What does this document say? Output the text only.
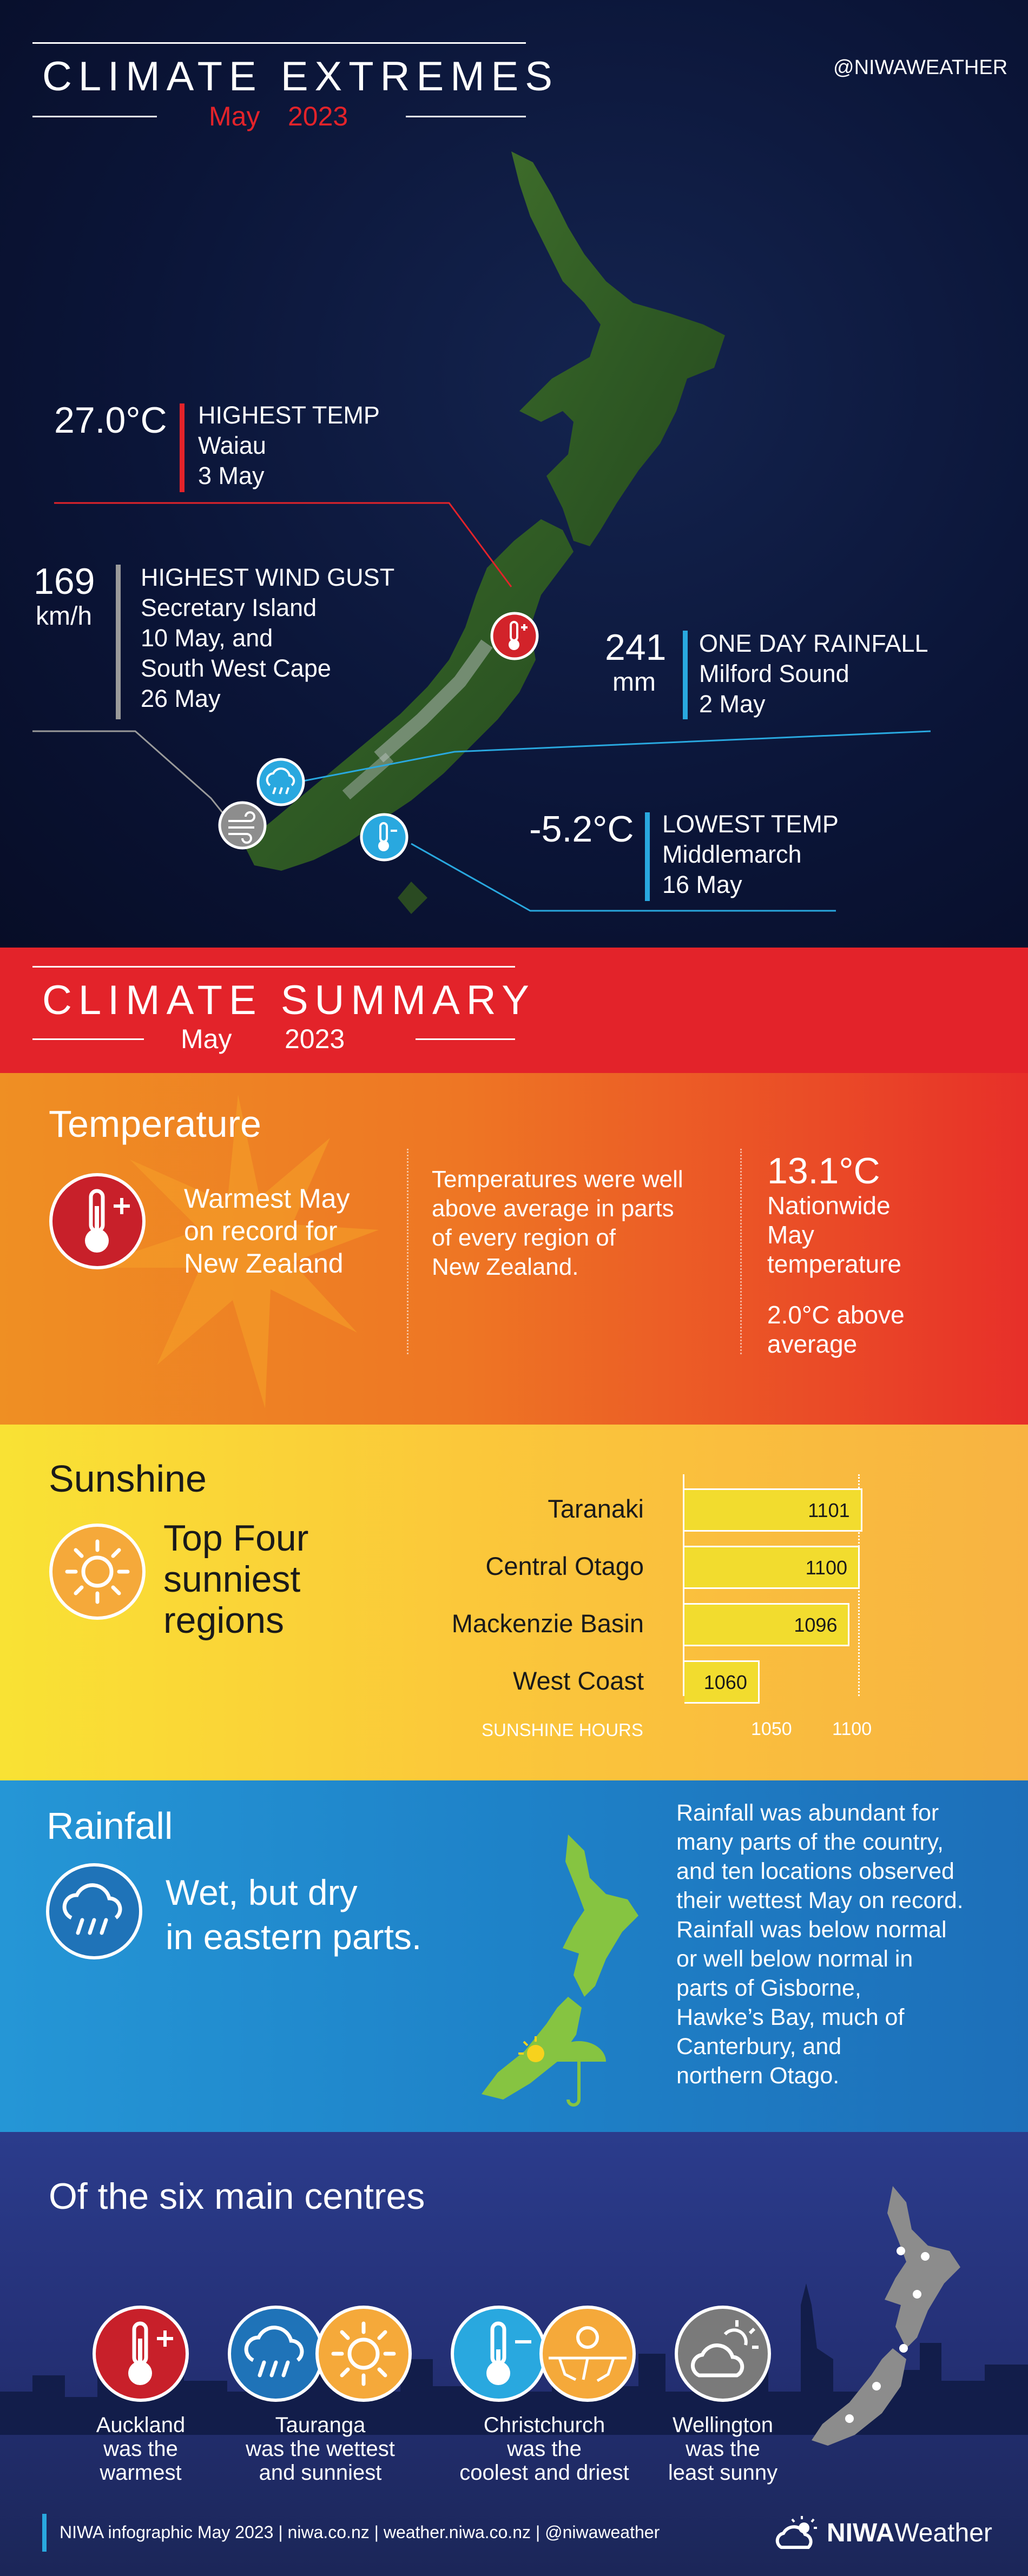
CLIMATE EXTREMES
May 2023
@NIWAWEATHER
27.0°C HIGHEST TEMP
Waiau
3 May
169
km/h
HIGHEST WIND GUST
Secretary Island
10 May, and
South West Cape
26 May
241
mm
ONE DAY RAINFALL
Milford Sound
2 May
-5.2°C LOWEST TEMP
Middlemarch
16 May
CLIMATE SUMMARY
May 2023
Temperature
Warmest May
on record for
New Zealand
Temperatures were well
above average in parts
of every region of
New Zealand.
13.1°C
Nationwide
May
temperature
2.0°C above
average
Sunshine
Top Four
sunniest
regions
Taranaki	1101
Central Otago	1100
Mackenzie Basin	1096
West Coast	1060
1050 1100
SUNSHINE HOURS
Rainfall
Wet, but dry
in eastern parts.
Rainfall was abundant for
many parts of the country,
and ten locations observed
their wettest May on record.
Rainfall was below normal
or well below normal in
parts of Gisborne,
Hawke’s Bay, much of
Canterbury, and
northern Otago.
Of the six main centres
Auckland
was the
warmest
Tauranga
was the wettest
and sunniest
Christchurch
was the
coolest and driest
Wellington
was the
least sunny
NIWA infographic May 2023 | niwa.co.nz | weather.niwa.co.nz | @niwaweather	NIWAWeather
